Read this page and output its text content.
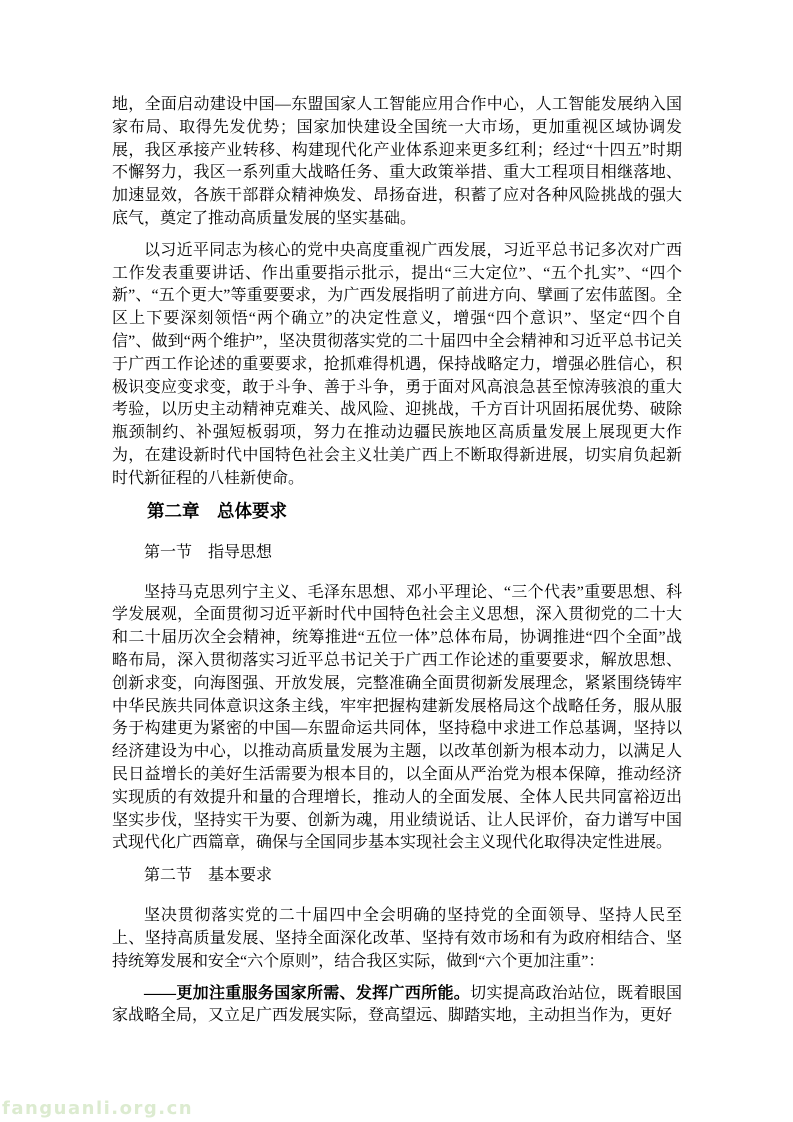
地，全面启动建设中国—东盟国家人工智能应用合作中心，人工智能发展纳入国家布局、取得先发优势；国家加快建设全国统一大市场，更加重视区域协调发展，我区承接产业转移、构建现代化产业体系迎来更多红利；经过“十四五”时期不懈努力，我区一系列重大战略任务、重大政策举措、重大工程项目相继落地、加速显效，各族干部群众精神焕发、昂扬奋进，积蓄了应对各种风险挑战的强大底气，奠定了推动高质量发展的坚实基础。

以习近平同志为核心的党中央高度重视广西发展，习近平总书记多次对广西工作发表重要讲话、作出重要指示批示，提出“三大定位”、“五个扎实”、“四个新”、“五个更大”等重要要求，为广西发展指明了前进方向、擘画了宏伟蓝图。全区上下要深刻领悟“两个确立”的决定性意义，增强“四个意识”、坚定“四个自信”、做到“两个维护”，坚决贯彻落实党的二十届四中全会精神和习近平总书记关于广西工作论述的重要要求，抢抓难得机遇，保持战略定力，增强必胜信心，积极识变应变求变，敢于斗争、善于斗争，勇于面对风高浪急甚至惊涛骇浪的重大考验，以历史主动精神克难关、战风险、迎挑战，千方百计巩固拓展优势、破除瓶颈制约、补强短板弱项，努力在推动边疆民族地区高质量发展上展现更大作为，在建设新时代中国特色社会主义壮美广西上不断取得新进展，切实肩负起新时代新征程的八桂新使命。

第二章　总体要求
第一节　指导思想

坚持马克思列宁主义、毛泽东思想、邓小平理论、“三个代表”重要思想、科学发展观，全面贯彻习近平新时代中国特色社会主义思想，深入贯彻党的二十大和二十届历次全会精神，统筹推进“五位一体”总体布局，协调推进“四个全面”战略布局，深入贯彻落实习近平总书记关于广西工作论述的重要要求，解放思想、创新求变，向海图强、开放发展，完整准确全面贯彻新发展理念，紧紧围绕铸牢中华民族共同体意识这条主线，牢牢把握构建新发展格局这个战略任务，服从服务于构建更为紧密的中国—东盟命运共同体，坚持稳中求进工作总基调，坚持以经济建设为中心，以推动高质量发展为主题，以改革创新为根本动力，以满足人民日益增长的美好生活需要为根本目的，以全面从严治党为根本保障，推动经济实现质的有效提升和量的合理增长，推动人的全面发展、全体人民共同富裕迈出坚实步伐，坚持实干为要、创新为魂，用业绩说话、让人民评价，奋力谱写中国式现代化广西篇章，确保与全国同步基本实现社会主义现代化取得决定性进展。

第二节　基本要求

坚决贯彻落实党的二十届四中全会明确的坚持党的全面领导、坚持人民至上、坚持高质量发展、坚持全面深化改革、坚持有效市场和有为政府相结合、坚持统筹发展和安全“六个原则”，结合我区实际，做到“六个更加注重”：

——更加注重服务国家所需、发挥广西所能。切实提高政治站位，既着眼国家战略全局，又立足广西发展实际，登高望远、脚踏实地，主动担当作为，更好

fanguanli.org.cn
